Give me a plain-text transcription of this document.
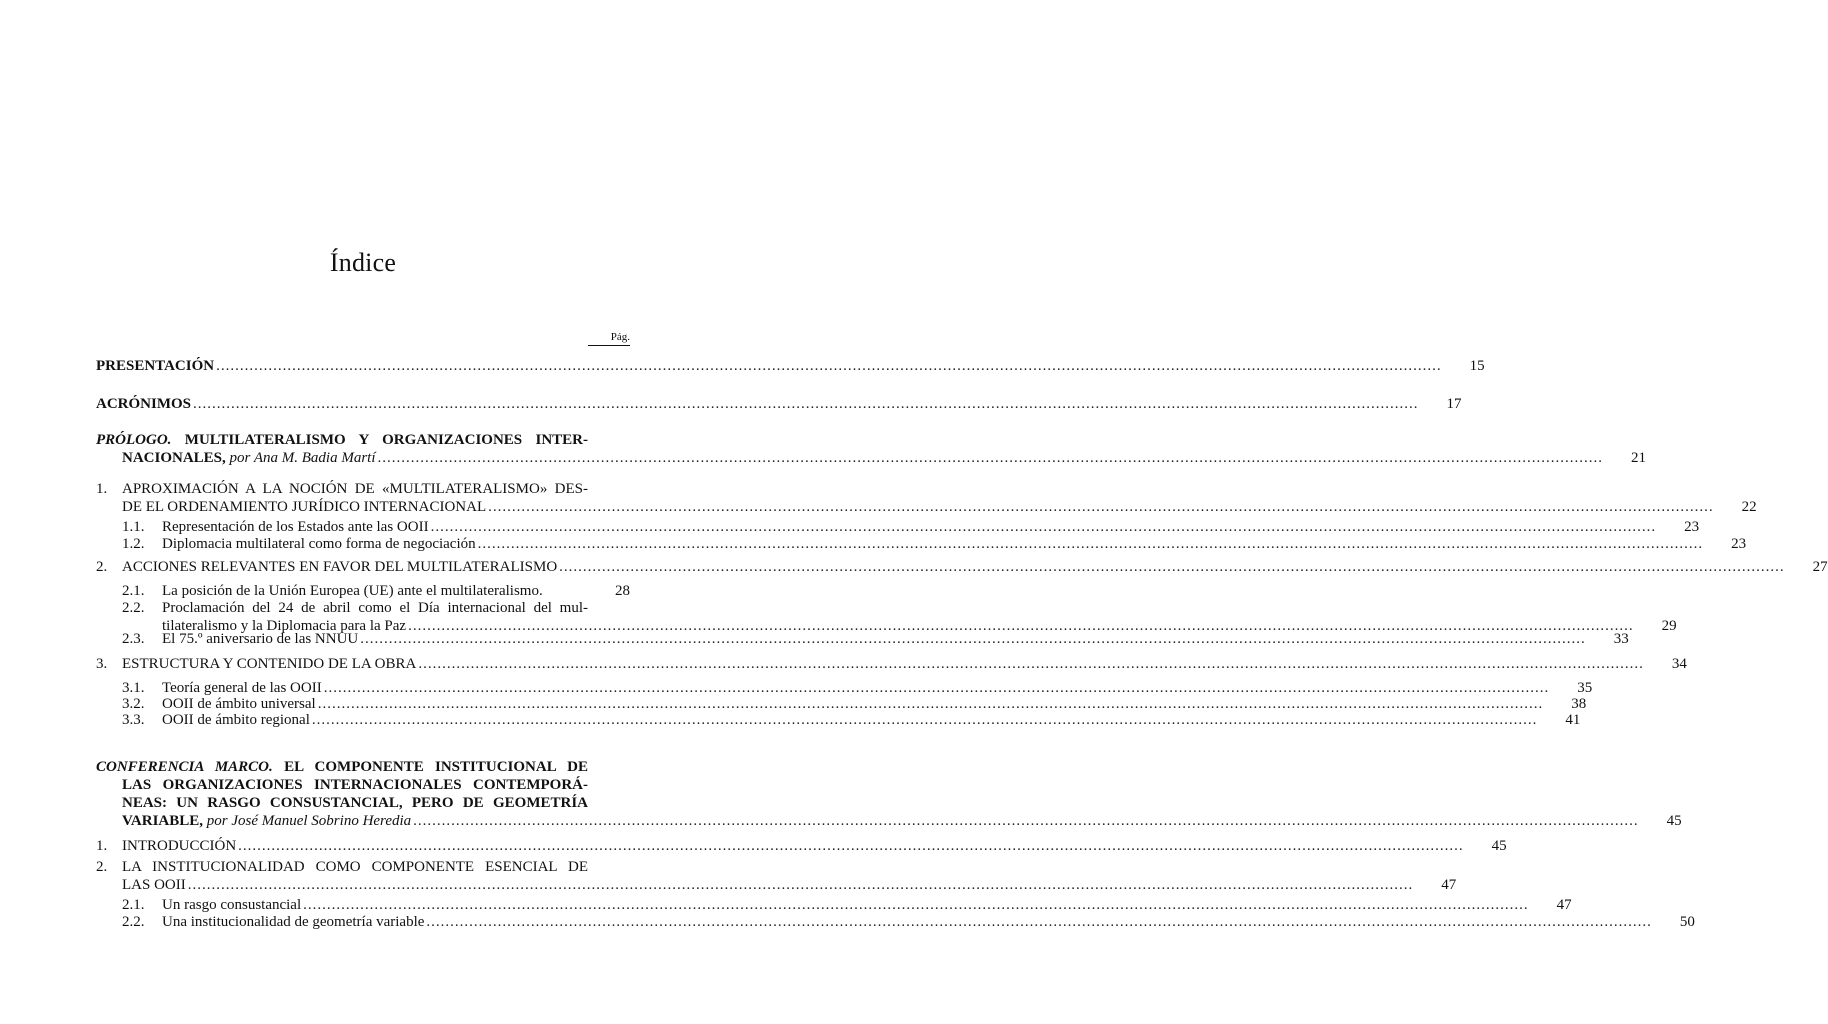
Índice
Pág.
PRESENTACIÓN .....	15
ACRÓNIMOS .....	17
PRÓLOGO. MULTILATERALISMO Y ORGANIZACIONES INTER-
NACIONALES, por Ana M. Badia Martí .....	21
1. APROXIMACIÓN A LA NOCIÓN DE «MULTILATERALISMO» DES-
DE EL ORDENAMIENTO JURÍDICO INTERNACIONAL .....	22
1.1.	Representación de los Estados ante las OOII .....	23
1.2.	Diplomacia multilateral como forma de negociación .....	23
2. ACCIONES RELEVANTES EN FAVOR DEL MULTILATERALISMO .....	27
2.1.	La posición de la Unión Europea (UE) ante el multilateralismo.	28
2.2.	Proclamación del 24 de abril como el Día internacional del mul-
tilateralismo y la Diplomacia para la Paz .....	29
2.3.	El 75.º aniversario de las NNUU .....	33
3. ESTRUCTURA Y CONTENIDO DE LA OBRA .....	34
3.1.	Teoría general de las OOII .....	35
3.2.	OOII de ámbito universal .....	38
3.3.	OOII de ámbito regional .....	41
CONFERENCIA MARCO. EL COMPONENTE INSTITUCIONAL DE
LAS ORGANIZACIONES INTERNACIONALES CONTEMPORÁ-
NEAS: UN RASGO CONSUSTANCIAL, PERO DE GEOMETRÍA
VARIABLE, por José Manuel Sobrino Heredia .....	45
1. INTRODUCCIÓN .....	45
2. LA INSTITUCIONALIDAD COMO COMPONENTE ESENCIAL DE
LAS OOII .....	47
2.1.	Un rasgo consustancial .....	47
2.2.	Una institucionalidad de geometría variable .....	50
